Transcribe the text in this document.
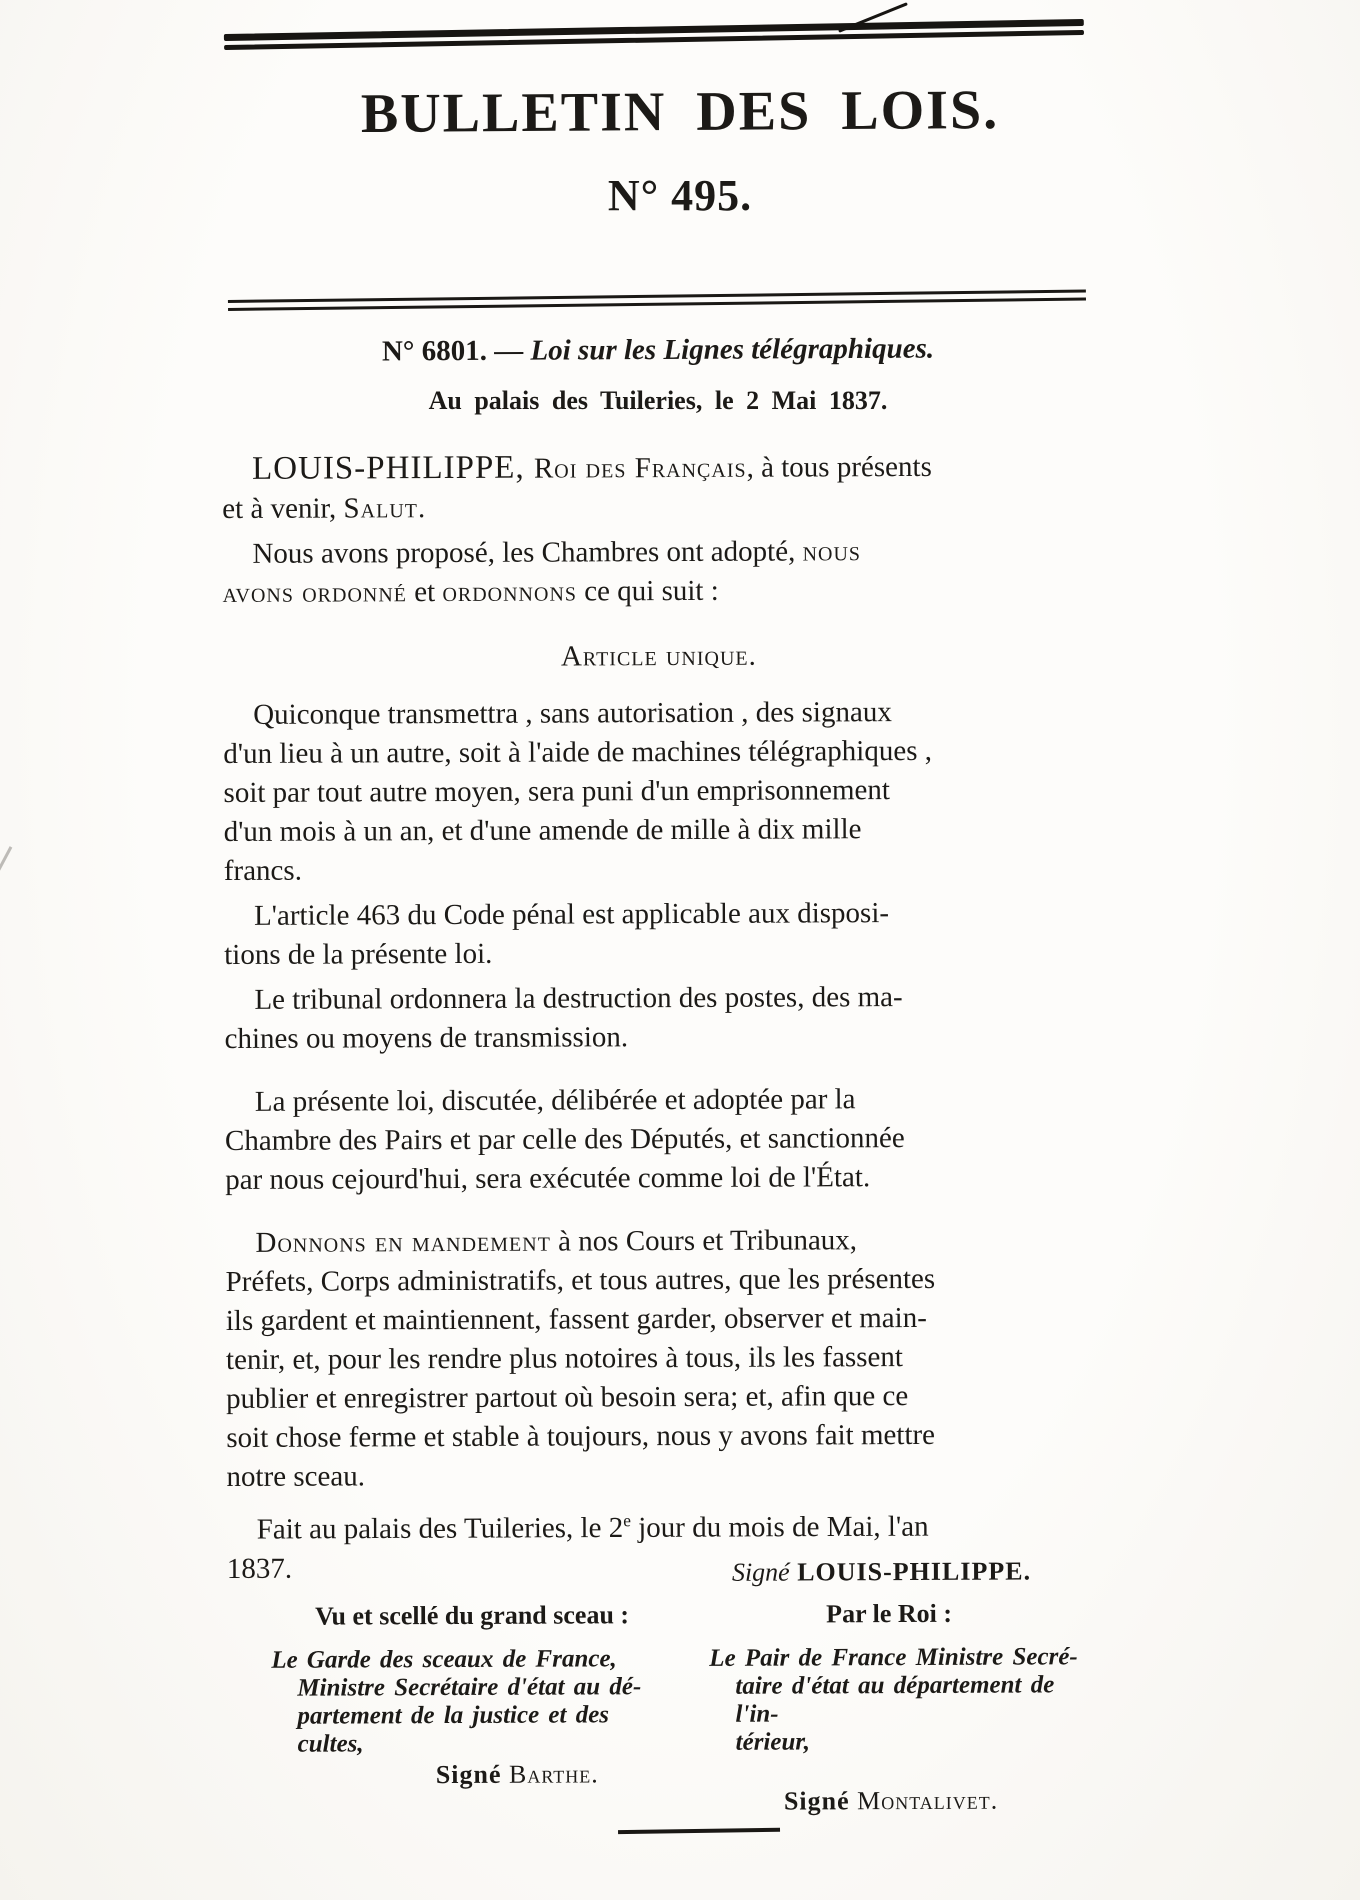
BULLETIN DES LOIS.
N° 495.
N° 6801. — Loi sur les Lignes télégraphiques.
Au palais des Tuileries, le 2 Mai 1837.
LOUIS-PHILIPPE, Roi des Français, à tous présents
et à venir, Salut.
Nous avons proposé, les Chambres ont adopté, nous
avons ordonné et ordonnons ce qui suit :
Article unique.
Quiconque transmettra , sans autorisation , des signaux
d'un lieu à un autre, soit à l'aide de machines télégraphiques ,
soit par tout autre moyen, sera puni d'un emprisonnement
d'un mois à un an, et d'une amende de mille à dix mille
francs.
L'article 463 du Code pénal est applicable aux disposi-
tions de la présente loi.
Le tribunal ordonnera la destruction des postes, des ma-
chines ou moyens de transmission.
La présente loi, discutée, délibérée et adoptée par la
Chambre des Pairs et par celle des Députés, et sanctionnée
par nous cejourd'hui, sera exécutée comme loi de l'État.
Donnons en mandement à nos Cours et Tribunaux,
Préfets, Corps administratifs, et tous autres, que les présentes
ils gardent et maintiennent, fassent garder, observer et main-
tenir, et, pour les rendre plus notoires à tous, ils les fassent
publier et enregistrer partout où besoin sera; et, afin que ce
soit chose ferme et stable à toujours, nous y avons fait mettre
notre sceau.
Fait au palais des Tuileries, le 2e jour du mois de Mai, l'an
1837.	Signé LOUIS-PHILIPPE.
Vu et scellé du grand sceau :
Le Garde des sceaux de France,
Ministre Secrétaire d'état au dé-
partement de la justice et des
cultes,
Signé Barthe.
Par le Roi :
Le Pair de France Ministre Secré-
taire d'état au département de l'in-
térieur,
Signé Montalivet.
